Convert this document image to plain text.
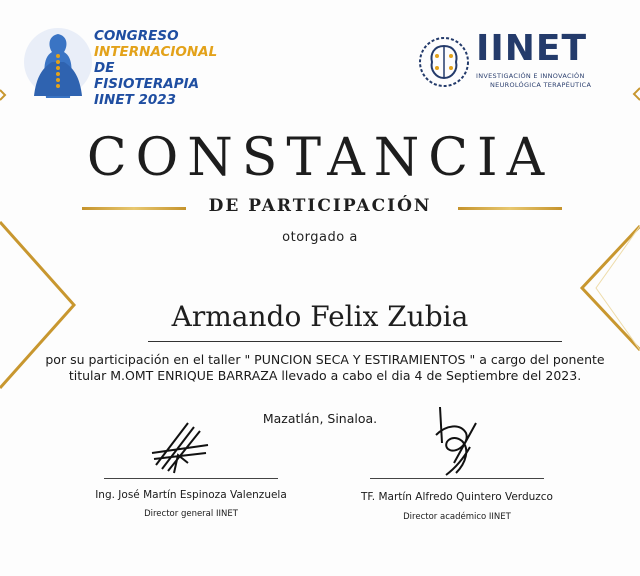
CONGRESO
INTERNACIONAL
DE FISIOTERAPIA
IINET 2023
IINET
INVESTIGACIÓN E INNOVACIÓN
NEUROLÓGICA TERAPÉUTICA
CONSTANCIA
DE PARTICIPACIÓN
otorgado a
Armando Felix Zubia
por su participación en el taller " PUNCION SECA Y ESTIRAMIENTOS " a cargo del ponente titular M.OMT ENRIQUE BARRAZA llevado a cabo el dia 4 de Septiembre del 2023.
Mazatlán, Sinaloa.
Ing. José Martín Espinoza Valenzuela
Director general IINET
TF. Martín Alfredo Quintero Verduzco
Director académico IINET
